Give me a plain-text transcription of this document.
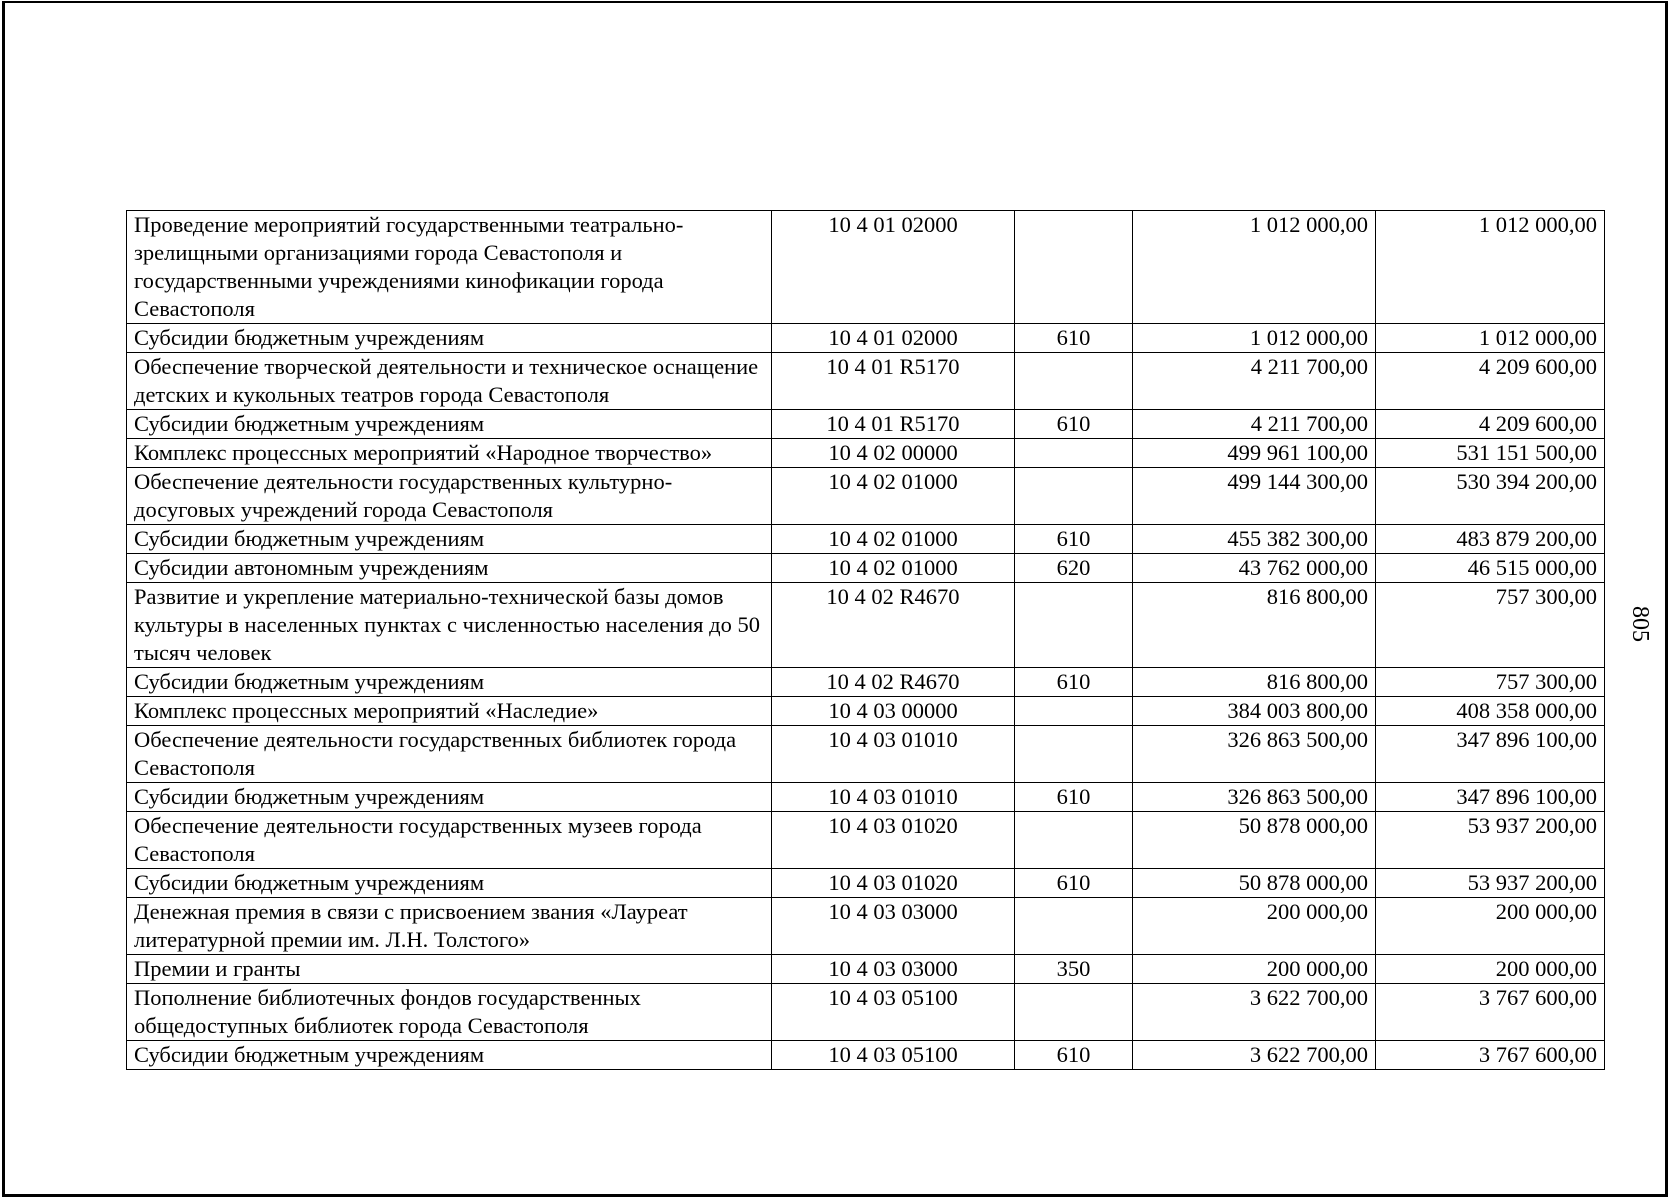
Проведение мероприятий государственными театрально-зрелищными организациями города Севастополя и государственными учреждениями кинофикации города Севастополя	10 4 01 02000		1 012 000,00	1 012 000,00
Субсидии бюджетным учреждениям	10 4 01 02000	610	1 012 000,00	1 012 000,00
Обеспечение творческой деятельности и техническое оснащение детских и кукольных театров города Севастополя	10 4 01 R5170		4 211 700,00	4 209 600,00
Субсидии бюджетным учреждениям	10 4 01 R5170	610	4 211 700,00	4 209 600,00
Комплекс процессных мероприятий «Народное творчество»	10 4 02 00000		499 961 100,00	531 151 500,00
Обеспечение деятельности государственных культурно-досуговых учреждений города Севастополя	10 4 02 01000		499 144 300,00	530 394 200,00
Субсидии бюджетным учреждениям	10 4 02 01000	610	455 382 300,00	483 879 200,00
Субсидии автономным учреждениям	10 4 02 01000	620	43 762 000,00	46 515 000,00
Развитие и укрепление материально-технической базы домов культуры в населенных пунктах с численностью населения до 50 тысяч человек	10 4 02 R4670		816 800,00	757 300,00
Субсидии бюджетным учреждениям	10 4 02 R4670	610	816 800,00	757 300,00
Комплекс процессных мероприятий «Наследие»	10 4 03 00000		384 003 800,00	408 358 000,00
Обеспечение деятельности государственных библиотек города Севастополя	10 4 03 01010		326 863 500,00	347 896 100,00
Субсидии бюджетным учреждениям	10 4 03 01010	610	326 863 500,00	347 896 100,00
Обеспечение деятельности государственных музеев города Севастополя	10 4 03 01020		50 878 000,00	53 937 200,00
Субсидии бюджетным учреждениям	10 4 03 01020	610	50 878 000,00	53 937 200,00
Денежная премия в связи с присвоением звания «Лауреат литературной премии им. Л.Н. Толстого»	10 4 03 03000		200 000,00	200 000,00
Премии и гранты	10 4 03 03000	350	200 000,00	200 000,00
Пополнение библиотечных фондов государственных общедоступных библиотек города Севастополя	10 4 03 05100		3 622 700,00	3 767 600,00
Субсидии бюджетным учреждениям	10 4 03 05100	610	3 622 700,00	3 767 600,00
805
